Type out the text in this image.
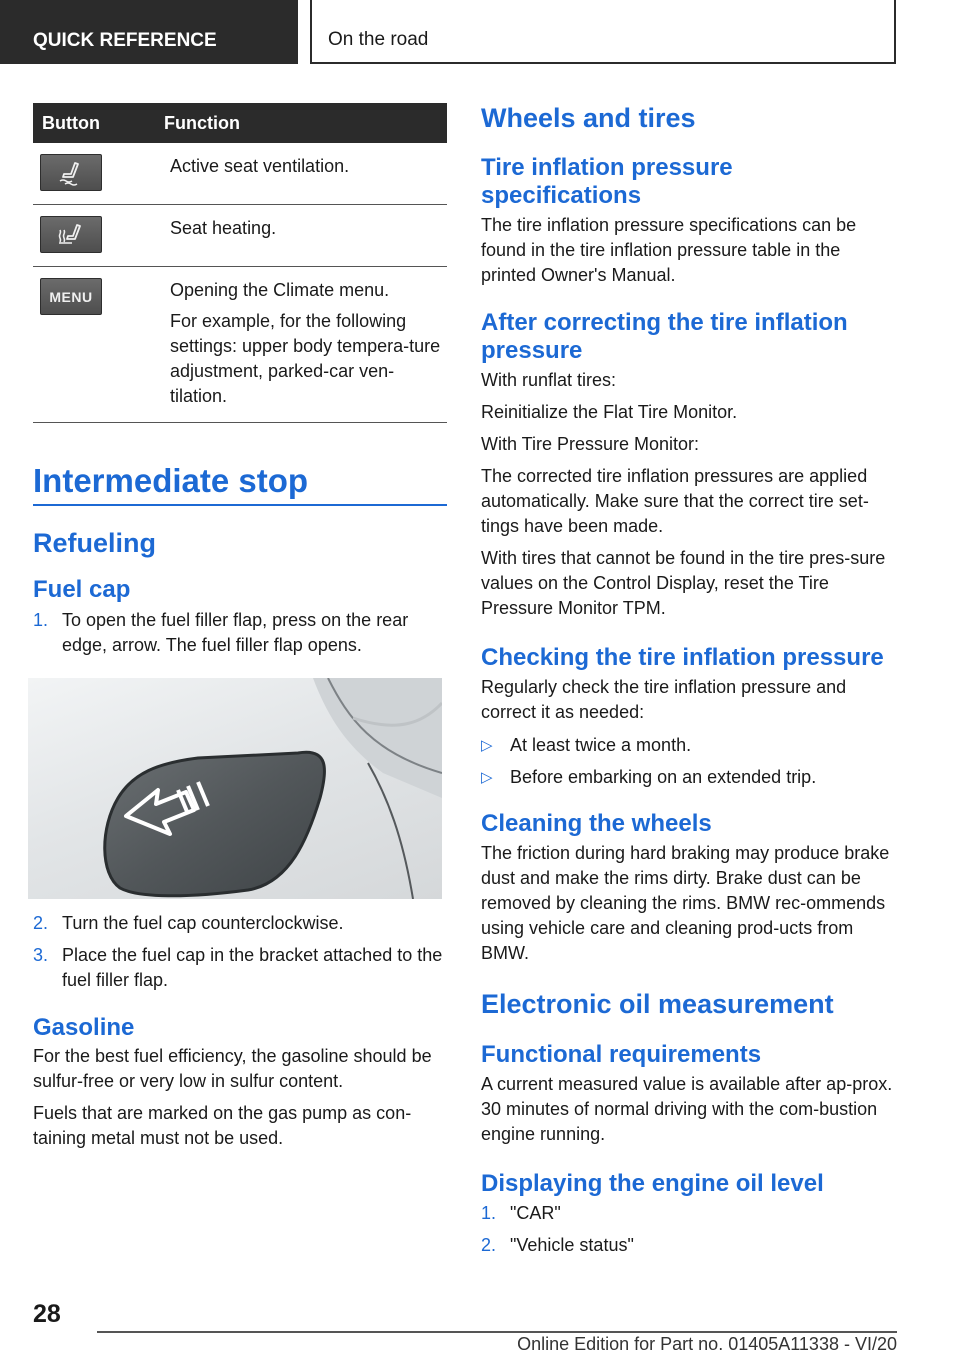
QUICK REFERENCE	On the road
Button	Function

Active seat ventilation.

Seat heating.

MENU	Opening the Climate menu.

For example, for the following settings: upper body tempera-ture adjustment, parked-car ven-tilation.

Intermediate stop
Refueling
Fuel cap
1. To open the fuel filler flap, press on the rear edge, arrow. The fuel filler flap opens.
2. Turn the fuel cap counterclockwise.
3. Place the fuel cap in the bracket attached to the fuel filler flap.
Gasoline

For the best fuel efficiency, the gasoline should be sulfur-free or very low in sulfur content.

Fuels that are marked on the gas pump as con-taining metal must not be used.

Wheels and tires
Tire inflation pressure specifications

The tire inflation pressure specifications can be found in the tire inflation pressure table in the printed Owner's Manual.

After correcting the tire inflation pressure

With runflat tires:

Reinitialize the Flat Tire Monitor.

With Tire Pressure Monitor:

The corrected tire inflation pressures are applied automatically. Make sure that the correct tire set-tings have been made.

With tires that cannot be found in the tire pres-sure values on the Control Display, reset the Tire Pressure Monitor TPM.

Checking the tire inflation pressure

Regularly check the tire inflation pressure and correct it as needed:

▷ At least twice a month.
▷ Before embarking on an extended trip.
Cleaning the wheels

The friction during hard braking may produce brake dust and make the rims dirty. Brake dust can be removed by cleaning the rims. BMW rec-ommends using vehicle care and cleaning prod-ucts from BMW.

Electronic oil measurement
Functional requirements

A current measured value is available after ap-prox. 30 minutes of normal driving with the com-bustion engine running.

Displaying the engine oil level
1. "CAR"
2. "Vehicle status"
28
Online Edition for Part no. 01405A11338 - VI/20
